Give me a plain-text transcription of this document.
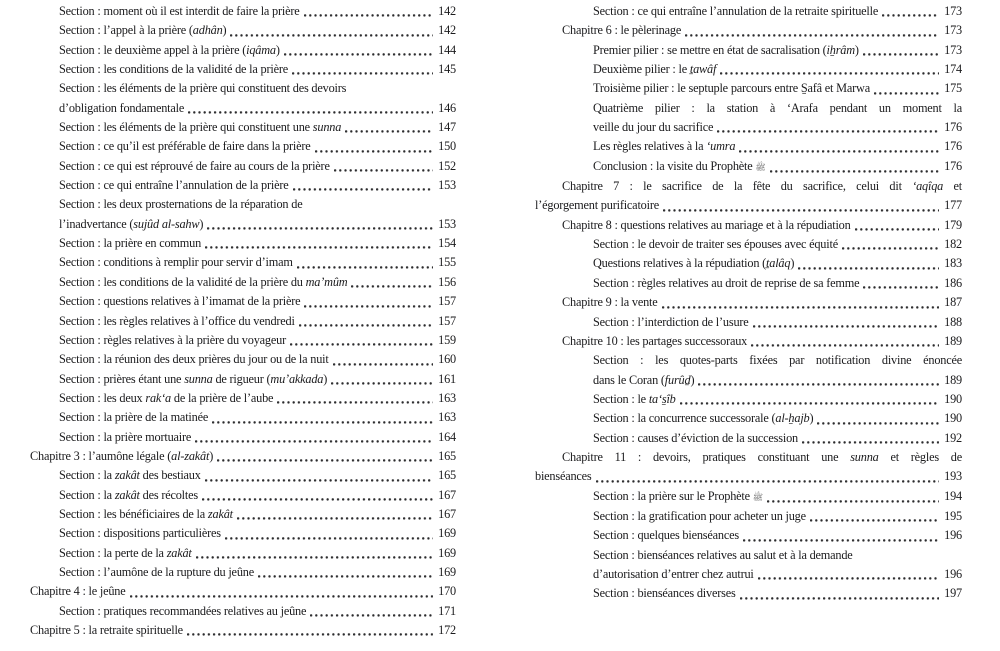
Section : moment où il est interdit de faire la prière	142
Section : l’appel à la prière (adhân)	142
Section : le deuxième appel à la prière (iqâma)	144
Section : les conditions de la validité de la prière	145
Section : les éléments de la prière qui constituent des devoirs
d’obligation fondamentale	146
Section : les éléments de la prière qui constituent une sunna	147
Section : ce qu’il est préférable de faire dans la prière	150
Section : ce qui est réprouvé de faire au cours de la prière	152
Section : ce qui entraîne l’annulation de la prière	153
Section : les deux prosternations de la réparation de
l’inadvertance (sujûd al-sahw)	153
Section : la prière en commun	154
Section : conditions à remplir pour servir d’imam	155
Section : les conditions de la validité de la prière du ma’mûm	156
Section : questions relatives à l’imamat de la prière	157
Section : les règles relatives à l’office du vendredi	157
Section : règles relatives à la prière du voyageur	159
Section : la réunion des deux prières du jour ou de la nuit	160
Section : prières étant une sunna de rigueur (mu’akkada)	161
Section : les deux rak‘a de la prière de l’aube	163
Section : la prière de la matinée	163
Section : la prière mortuaire	164
Chapitre 3 : l’aumône légale (al-zakât)	165
Section : la zakât des bestiaux	165
Section : la zakât des récoltes	167
Section : les bénéficiaires de la zakât	167
Section : dispositions particulières	169
Section : la perte de la zakât	169
Section : l’aumône de la rupture du jeûne	169
Chapitre 4 : le jeûne	170
Section : pratiques recommandées relatives au jeûne	171
Chapitre 5 : la retraite spirituelle	172
Section : ce qui entraîne l’annulation de la retraite spirituelle	173
Chapitre 6 : le pèlerinage	173
Premier pilier : se mettre en état de sacralisation (iẖrâm)	173
Deuxième pilier : le ṯawâf	174
Troisième pilier : le septuple parcours entre S̱afâ et Marwa	175
Quatrième pilier : la station à ‘Arafa pendant un moment la
veille du jour du sacrifice	176
Les règles relatives à la ‘umra	176
Conclusion : la visite du Prophète ﷺ	176
Chapitre 7 : le sacrifice de la fête du sacrifice, celui dit ‘aqîqa et
l’égorgement purificatoire	177
Chapitre 8 : questions relatives au mariage et à la répudiation	179
Section : le devoir de traiter ses épouses avec équité	182
Questions relatives à la répudiation (ṯalâq)	183
Section : règles relatives au droit de reprise de sa femme	186
Chapitre 9 : la vente	187
Section : l’interdiction de l’usure	188
Chapitre 10 : les partages successoraux	189
Section : les quotes-parts fixées par notification divine énoncée
dans le Coran (furûḏ)	189
Section : le ta‘s̱îb	190
Section : la concurrence successorale (al-ẖajb)	190
Section : causes d’éviction de la succession	192
Chapitre 11 : devoirs, pratiques constituant une sunna et règles de
bienséances	193
Section : la prière sur le Prophète ﷺ	194
Section : la gratification pour acheter un juge	195
Section : quelques bienséances	196
Section : bienséances relatives au salut et à la demande
d’autorisation d’entrer chez autrui	196
Section : bienséances diverses	197
